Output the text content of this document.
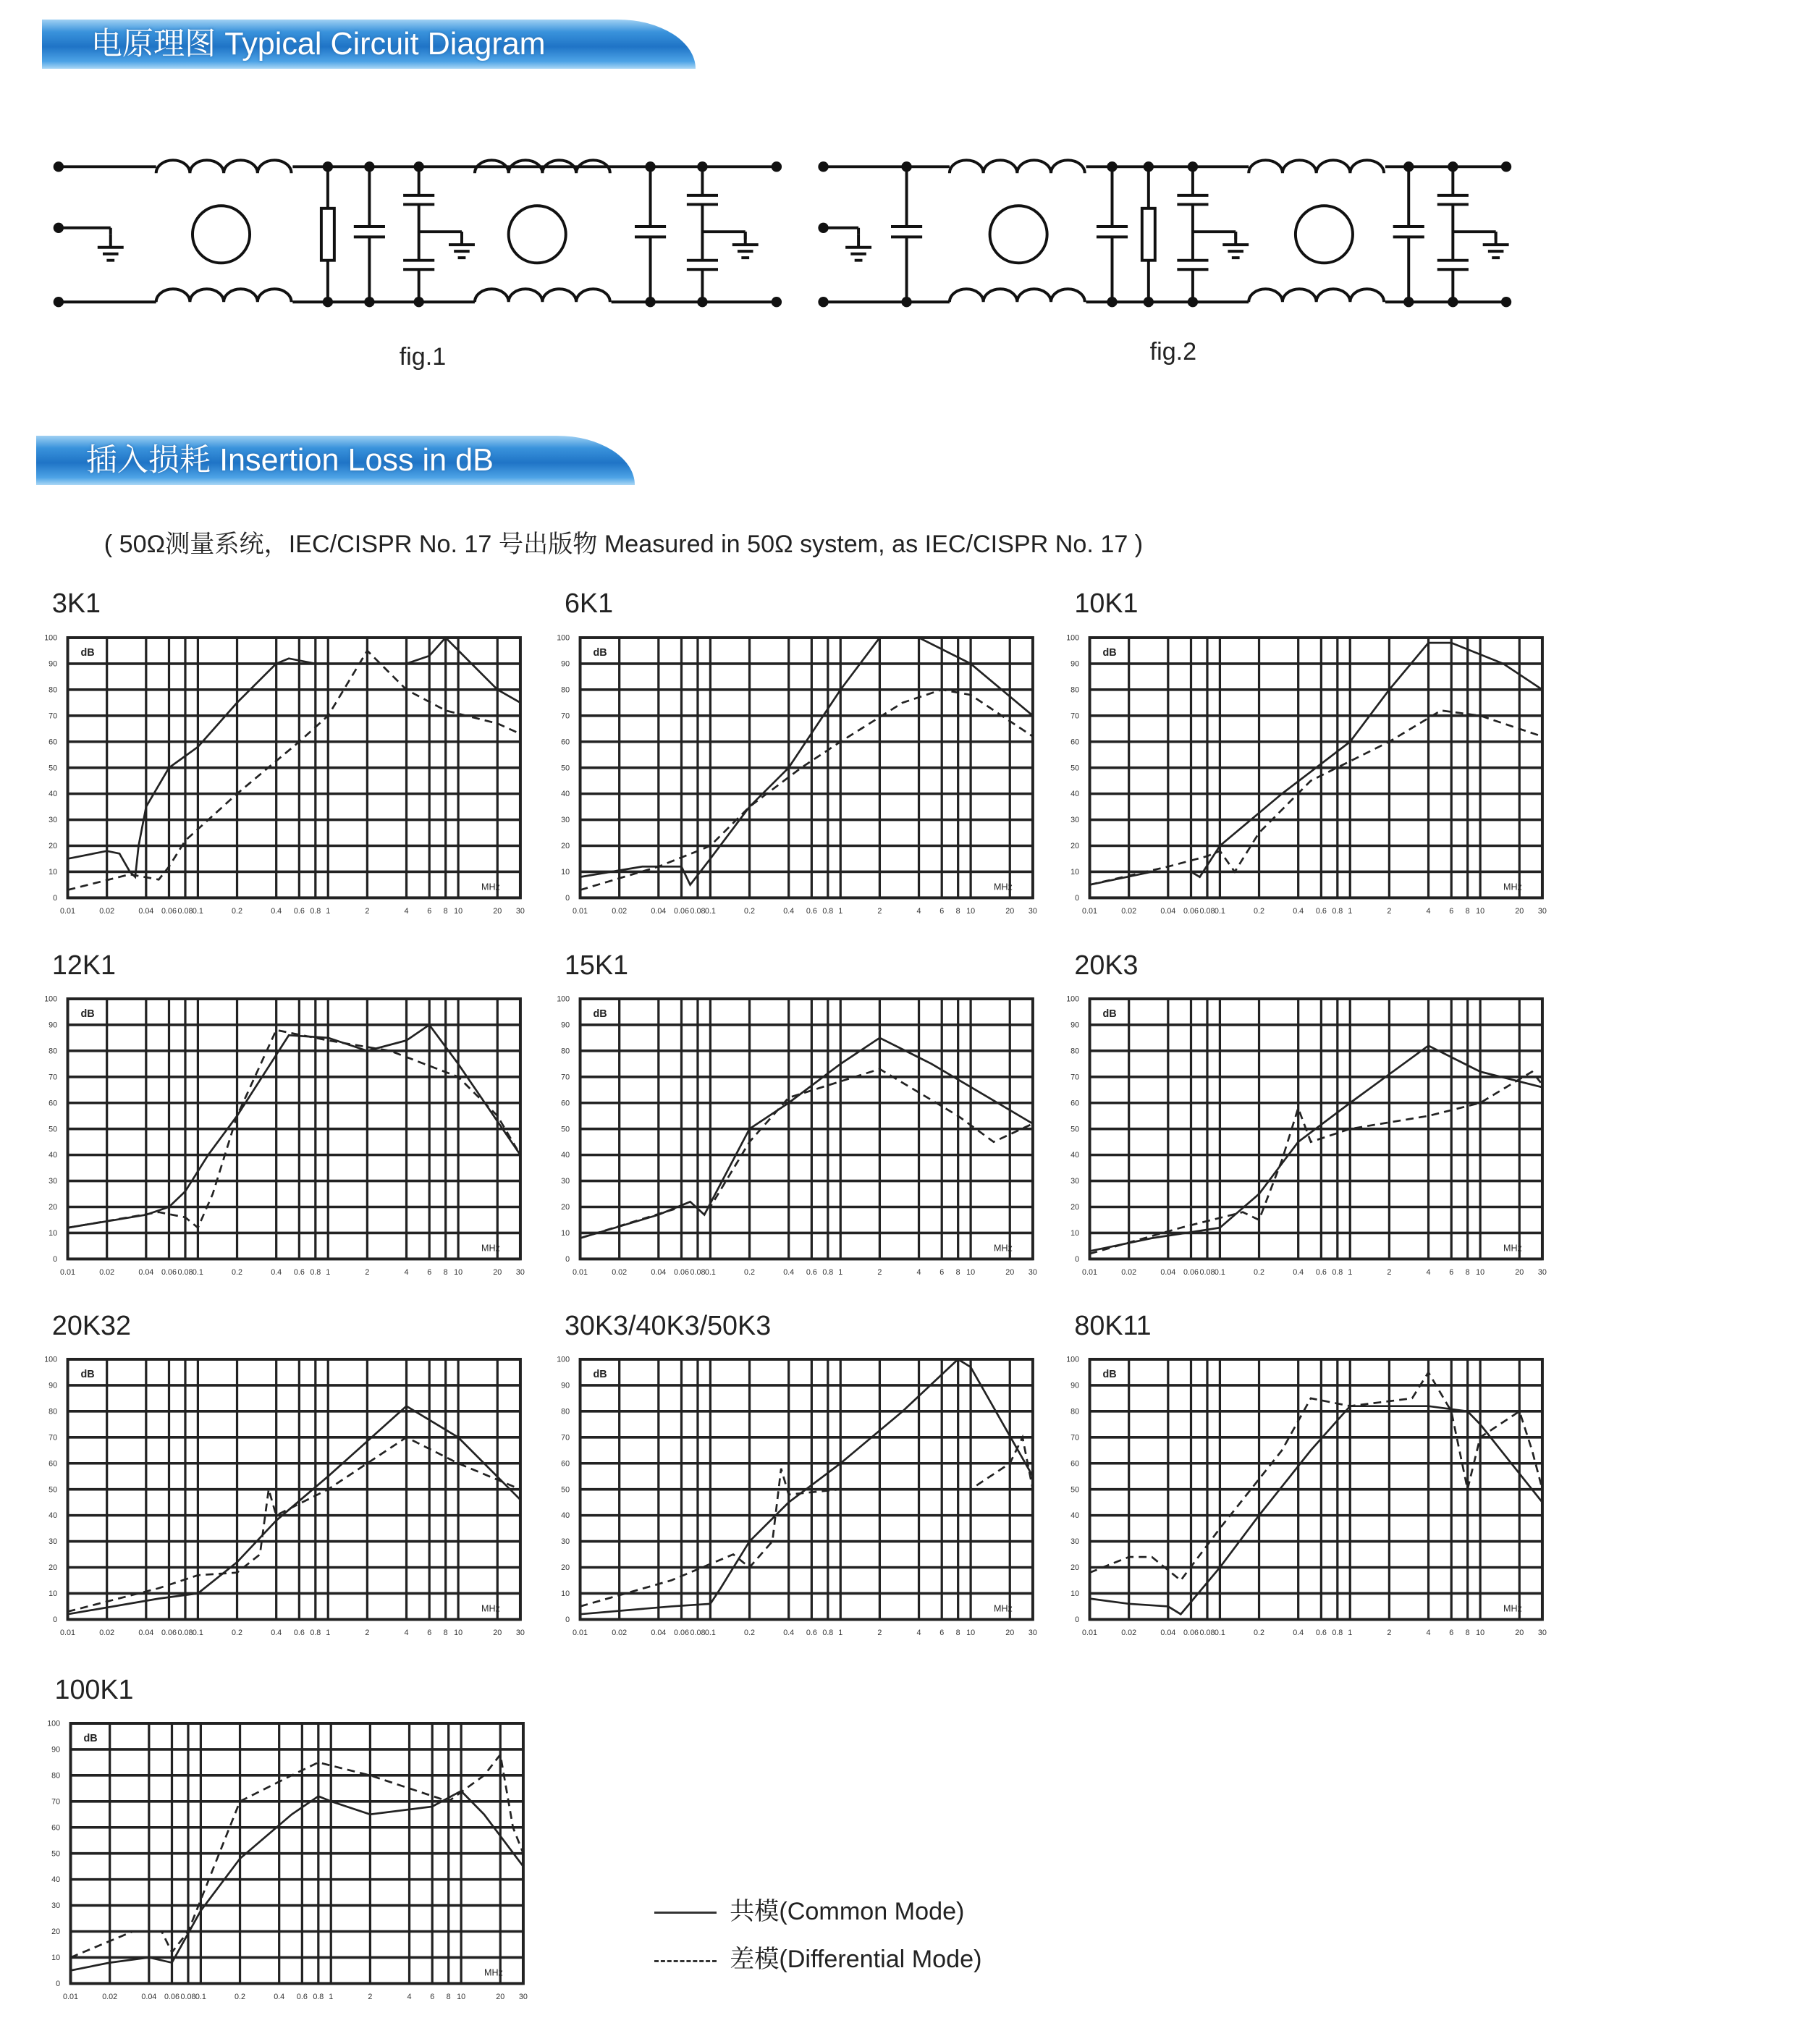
电原理图 Typical Circuit Diagram
fig.1	fig.2
插入损耗 Insertion Loss in dB
( 50Ω测量系统，IEC/CISPR No. 17 号出版物 Measured in 50Ω system, as IEC/CISPR No. 17 )
3K1
0
10
20
30
40
50
60
70
80
90
100
0.01	0.02	0.04 0.06 0.08 0.1	0.2	0.4	0.6 0.8 1	2	4	6	8 10	20	30
dB
MHz
6K1
0
10
20
30
40
50
60
70
80
90
100
0.01	0.02	0.04 0.06 0.08 0.1	0.2	0.4	0.6 0.8 1	2	4	6	8 10	20	30
dB
MHz
10K1
0
10
20
30
40
50
60
70
80
90
100
0.01	0.02	0.04 0.06 0.08 0.1	0.2	0.4	0.6 0.8 1	2	4	6	8 10	20	30
dB
MHz
12K1
0
10
20
30
40
50
60
70
80
90
100
0.01	0.02	0.04 0.06 0.08 0.1	0.2	0.4	0.6 0.8 1	2	4	6	8 10	20	30
dB
MHz
15K1
0
10
20
30
40
50
60
70
80
90
100
0.01	0.02	0.04 0.06 0.08 0.1	0.2	0.4	0.6 0.8 1	2	4	6	8 10	20	30
dB
MHz
20K3
0
10
20
30
40
50
60
70
80
90
100
0.01	0.02	0.04 0.06 0.08 0.1	0.2	0.4	0.6 0.8 1	2	4	6	8 10	20	30
dB
MHz
20K32
0
10
20
30
40
50
60
70
80
90
100
0.01	0.02	0.04 0.06 0.08 0.1	0.2	0.4	0.6 0.8 1	2	4	6	8 10	20	30
dB
MHz
30K3/40K3/50K3
0
10
20
30
40
50
60
70
80
90
100
0.01	0.02	0.04 0.06 0.08 0.1	0.2	0.4	0.6 0.8 1	2	4	6	8 10	20	30
dB
MHz
80K11
0
10
20
30
40
50
60
70
80
90
100
0.01	0.02	0.04 0.06 0.08 0.1	0.2	0.4	0.6 0.8 1	2	4	6	8 10	20	30
dB
MHz
100K1
0
10
20
30
40
50
60
70
80
90
100
0.01	0.02	0.04 0.06 0.08 0.1	0.2	0.4	0.6 0.8 1	2	4	6	8 10	20	30
dB
MHz
共模(Common Mode)
差模(Differential Mode)
